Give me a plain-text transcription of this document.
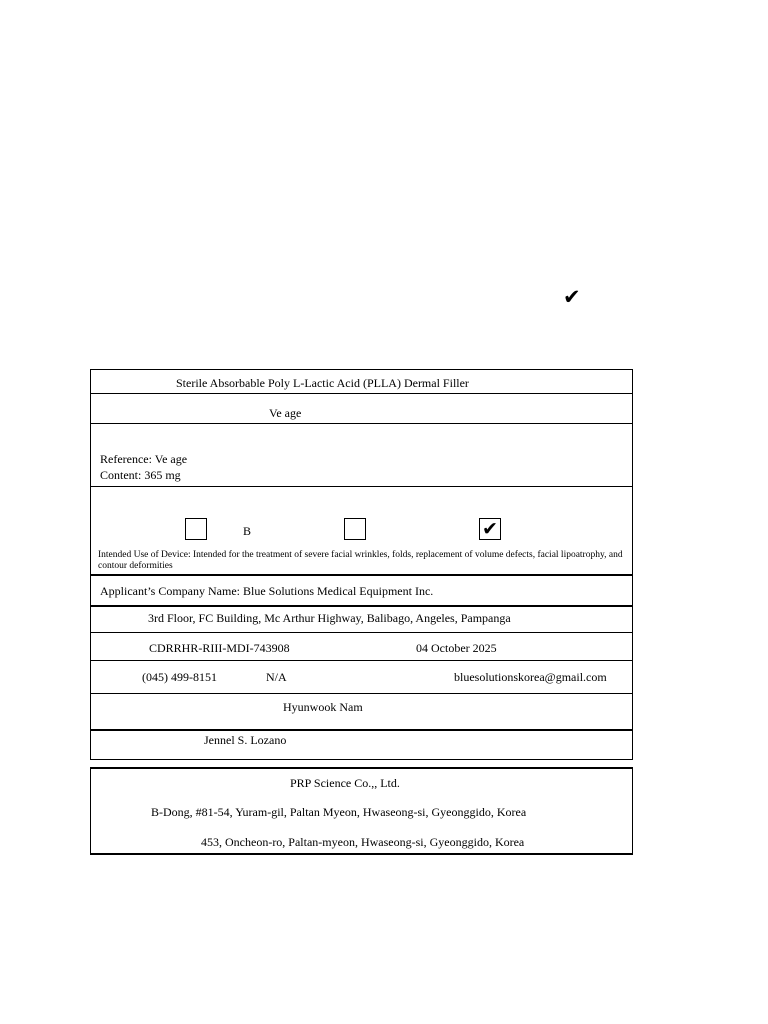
✔
Sterile Absorbable Poly L-Lactic Acid (PLLA) Dermal Filler
Ve age
Reference: Ve age
Content: 365 mg
B	✔
Intended Use of Device: Intended for the treatment of severe facial wrinkles, folds, replacement of volume defects, facial lipoatrophy, and contour deformities
Applicant’s Company Name: Blue Solutions Medical Equipment Inc.
3rd Floor, FC Building, Mc Arthur Highway, Balibago, Angeles, Pampanga
CDRRHR-RIII-MDI-743908	04 October 2025
(045) 499-8151	N/A	bluesolutionskorea@gmail.com
Hyunwook Nam
Jennel S. Lozano
PRP Science Co.,, Ltd.
B-Dong, #81-54, Yuram-gil, Paltan Myeon, Hwaseong-si, Gyeonggido, Korea
453, Oncheon-ro, Paltan-myeon, Hwaseong-si, Gyeonggido, Korea
